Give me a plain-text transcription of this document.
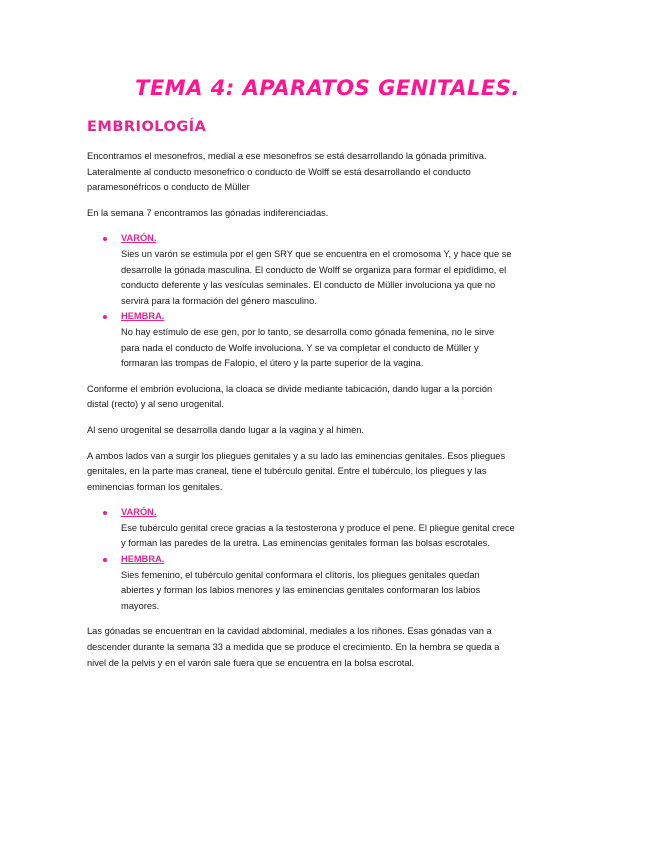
TEMA 4: APARATOS GENITALES.
EMBRIOLOGÍA

Encontramos el mesonefros, medial a ese mesonefros se está desarrollando la gónada primitiva. Lateralmente al conducto mesonefrico o conducto de Wolff se está desarrollando el conducto paramesonéfricos o conducto de Müller

En la semana 7 encontramos las gónadas indiferenciadas.

VARÓN.
Sies un varón se estimula por el gen SRY que se encuentra en el cromosoma Y, y hace que se desarrolle la gónada masculina. El conducto de Wolff se organiza para formar el epidídimo, el conducto deferente y las vesículas seminales. El conducto de Müller involuciona ya que no servirá para la formación del género masculino.
HEMBRA.
No hay estímulo de ese gen, por lo tanto, se desarrolla como gónada femenina, no le sirve para nada el conducto de Wolfe involuciona. Y se va completar el conducto de Müller y formaran las trompas de Falopio, el útero y la parte superior de la vagina.

Conforme el embrión evoluciona, la cloaca se divide mediante tabicación, dando lugar a la porción distal (recto) y al seno urogenital.

Al seno urogenital se desarrolla dando lugar a la vagina y al himen.

A ambos lados van a surgir los pliegues genitales y a su lado las eminencias genitales. Esos pliegues genitales, en la parte mas craneal, tiene el tubérculo genital. Entre el tubérculo, los pliegues y las eminencias forman los genitales.

VARÓN.
Ese tubérculo genital crece gracias a la testosterona y produce el pene. El pliegue genital crece y forman las paredes de la uretra. Las eminencias genitales forman las bolsas escrotales.
HEMBRA.
Sies femenino, el tubérculo genital conformara el clítoris, los pliegues genitales quedan abiertes y forman los labios menores y las eminencias genitales conformaran los labios mayores.

Las gónadas se encuentran en la cavidad abdominal, mediales a los riñones. Esas gónadas van a descender durante la semana 33 a medida que se produce el crecimiento. En la hembra se queda a nivel de la pelvis y en el varón sale fuera que se encuentra en la bolsa escrotal.
